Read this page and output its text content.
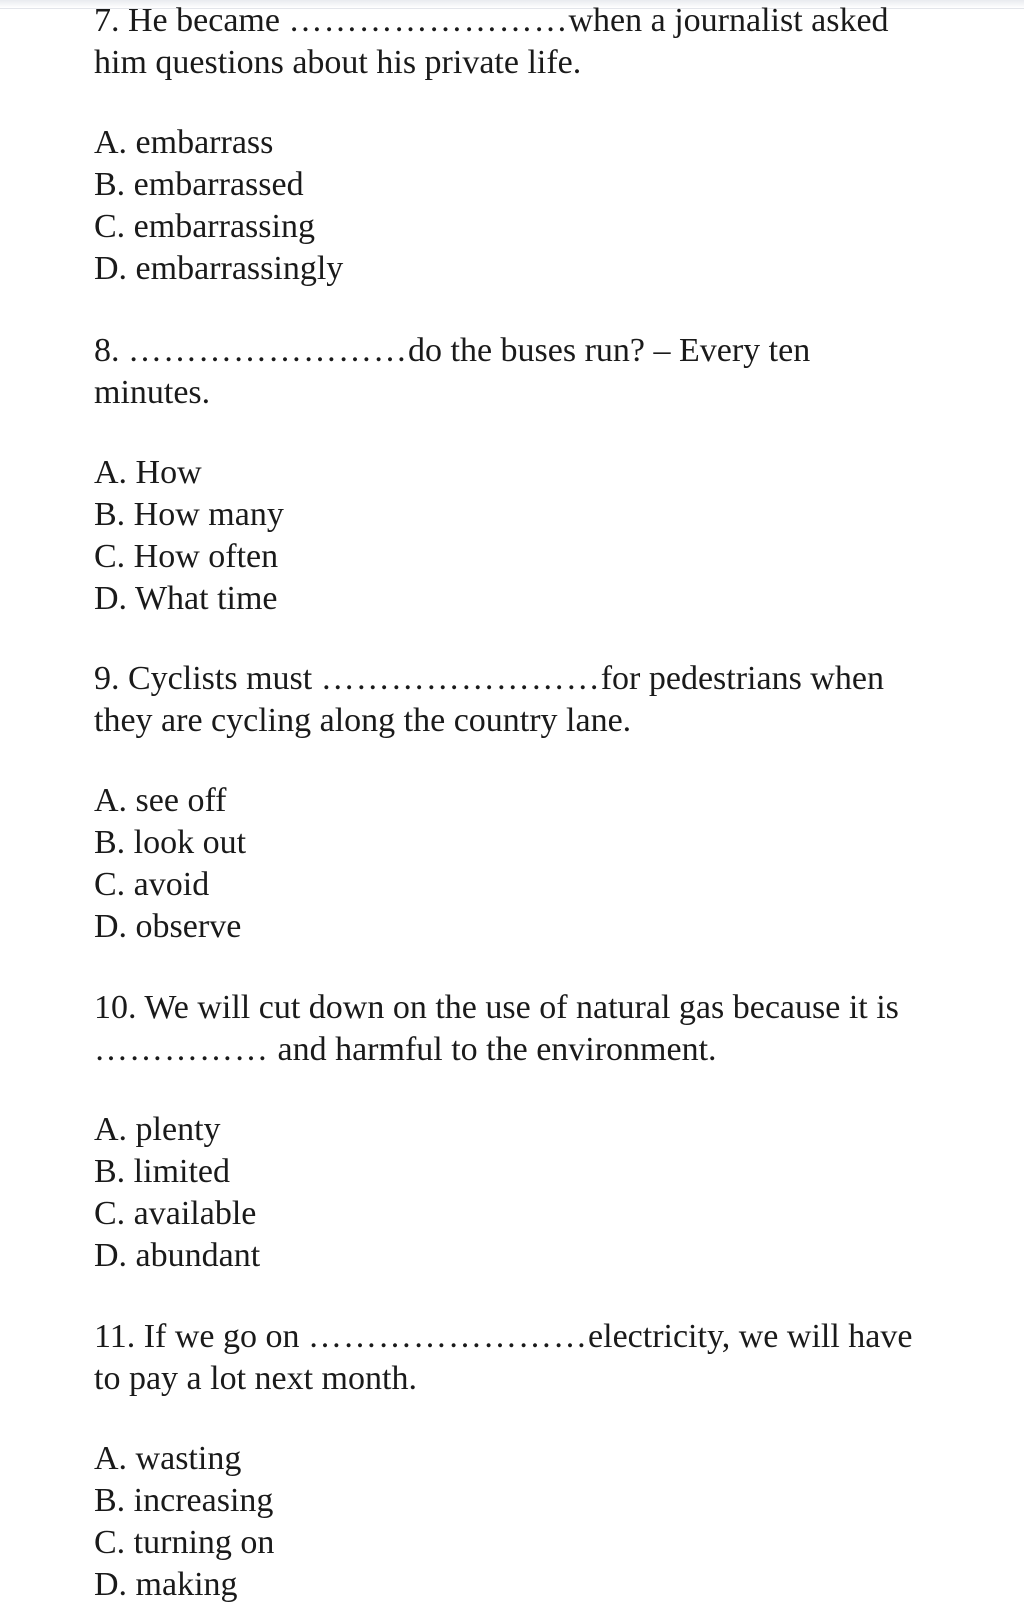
7. He became ……………………when a journalist asked him questions about his private life.

A. embarrass
B. embarrassed
C. embarrassing
D. embarrassingly

8. ……………………do the buses run? – Every ten minutes.

A. How
B. How many
C. How often
D. What time

9. Cyclists must ……………………for pedestrians when they are cycling along the country lane.

A. see off
B. look out
C. avoid
D. observe

10. We will cut down on the use of natural gas because it is …………… and harmful to the environment.

A. plenty
B. limited
C. available
D. abundant

11. If we go on ……………………electricity, we will have to pay a lot next month.

A. wasting
B. increasing
C. turning on
D. making
